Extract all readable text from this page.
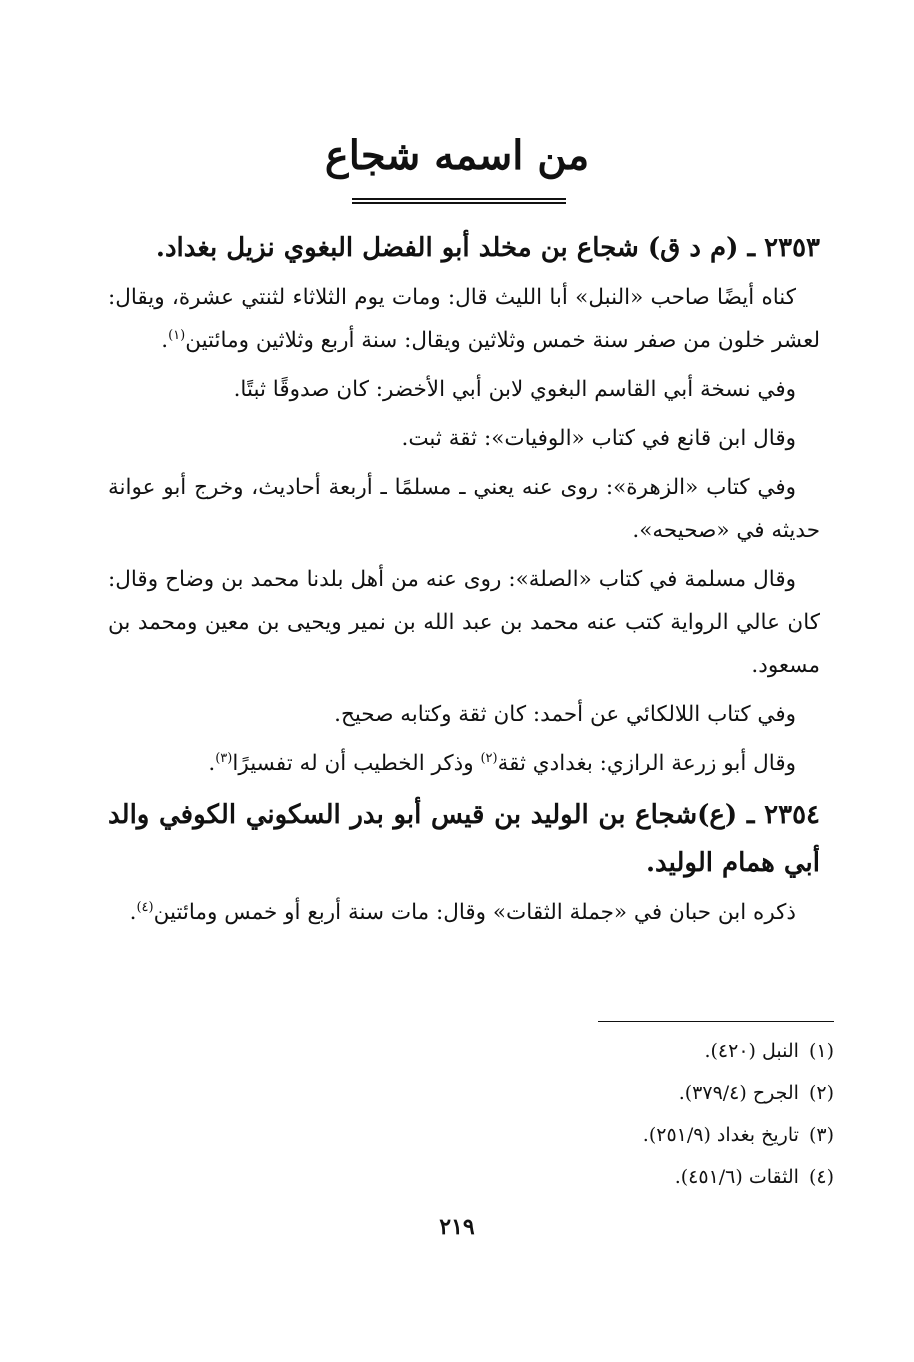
من اسمه شجاع
٢٣٥٣ ـ (م د ق) شجاع بن مخلد أبو الفضل البغوي نزيل بغداد.

كناه أيضًا صاحب «النبل» أبا الليث قال: ومات يوم الثلاثاء لثنتي عشرة، ويقال: لعشر خلون من صفر سنة خمس وثلاثين ويقال: سنة أربع وثلاثين ومائتين$^{(١)}$.

وفي نسخة أبي القاسم البغوي لابن أبي الأخضر: كان صدوقًا ثبتًا.

وقال ابن قانع في كتاب «الوفيات»: ثقة ثبت.

وفي كتاب «الزهرة»: روى عنه يعني ـ مسلمًا ـ أربعة أحاديث، وخرج أبو عوانة حديثه في «صحيحه».

وقال مسلمة في كتاب «الصلة»: روى عنه من أهل بلدنا محمد بن وضاح وقال: كان عالي الرواية كتب عنه محمد بن عبد الله بن نمير ويحيى بن معين ومحمد بن مسعود.

وفي كتاب اللالكائي عن أحمد: كان ثقة وكتابه صحيح.

وقال أبو زرعة الرازي: بغدادي ثقة$^{(٢)}$ وذكر الخطيب أن له تفسيرًا$^{(٣)}$.

٢٣٥٤ ـ (ع)شجاع بن الوليد بن قيس أبو بدر السكوني الكوفي والد أبي همام الوليد.

ذكره ابن حبان في «جملة الثقات» وقال: مات سنة أربع أو خمس ومائتين$^{(٤)}$.

(١)النبل (٤٢٠).

(٢)الجرح (٣٧٩/٤).

(٣)تاريخ بغداد (٢٥١/٩).

(٤)الثقات (٤٥١/٦).

٢١٩
